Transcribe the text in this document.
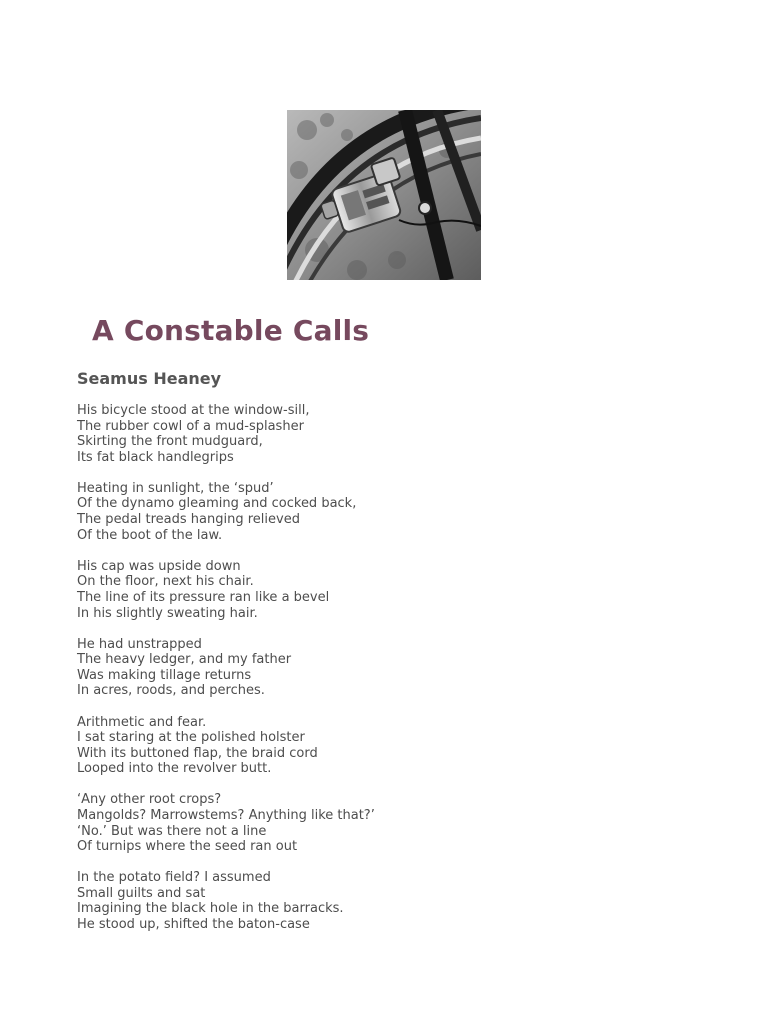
A Constable Calls
Seamus Heaney
His bicycle stood at the window-sill,
The rubber cowl of a mud-splasher
Skirting the front mudguard,
Its fat black handlegrips
Heating in sunlight, the ‘spud’
Of the dynamo gleaming and cocked back,
The pedal treads hanging relieved
Of the boot of the law.
His cap was upside down
On the floor, next his chair.
The line of its pressure ran like a bevel
In his slightly sweating hair.
He had unstrapped
The heavy ledger, and my father
Was making tillage returns
In acres, roods, and perches.
Arithmetic and fear.
I sat staring at the polished holster
With its buttoned flap, the braid cord
Looped into the revolver butt.
‘Any other root crops?
Mangolds? Marrowstems? Anything like that?’
‘No.’ But was there not a line
Of turnips where the seed ran out
In the potato field? I assumed
Small guilts and sat
Imagining the black hole in the barracks.
He stood up, shifted the baton-case
